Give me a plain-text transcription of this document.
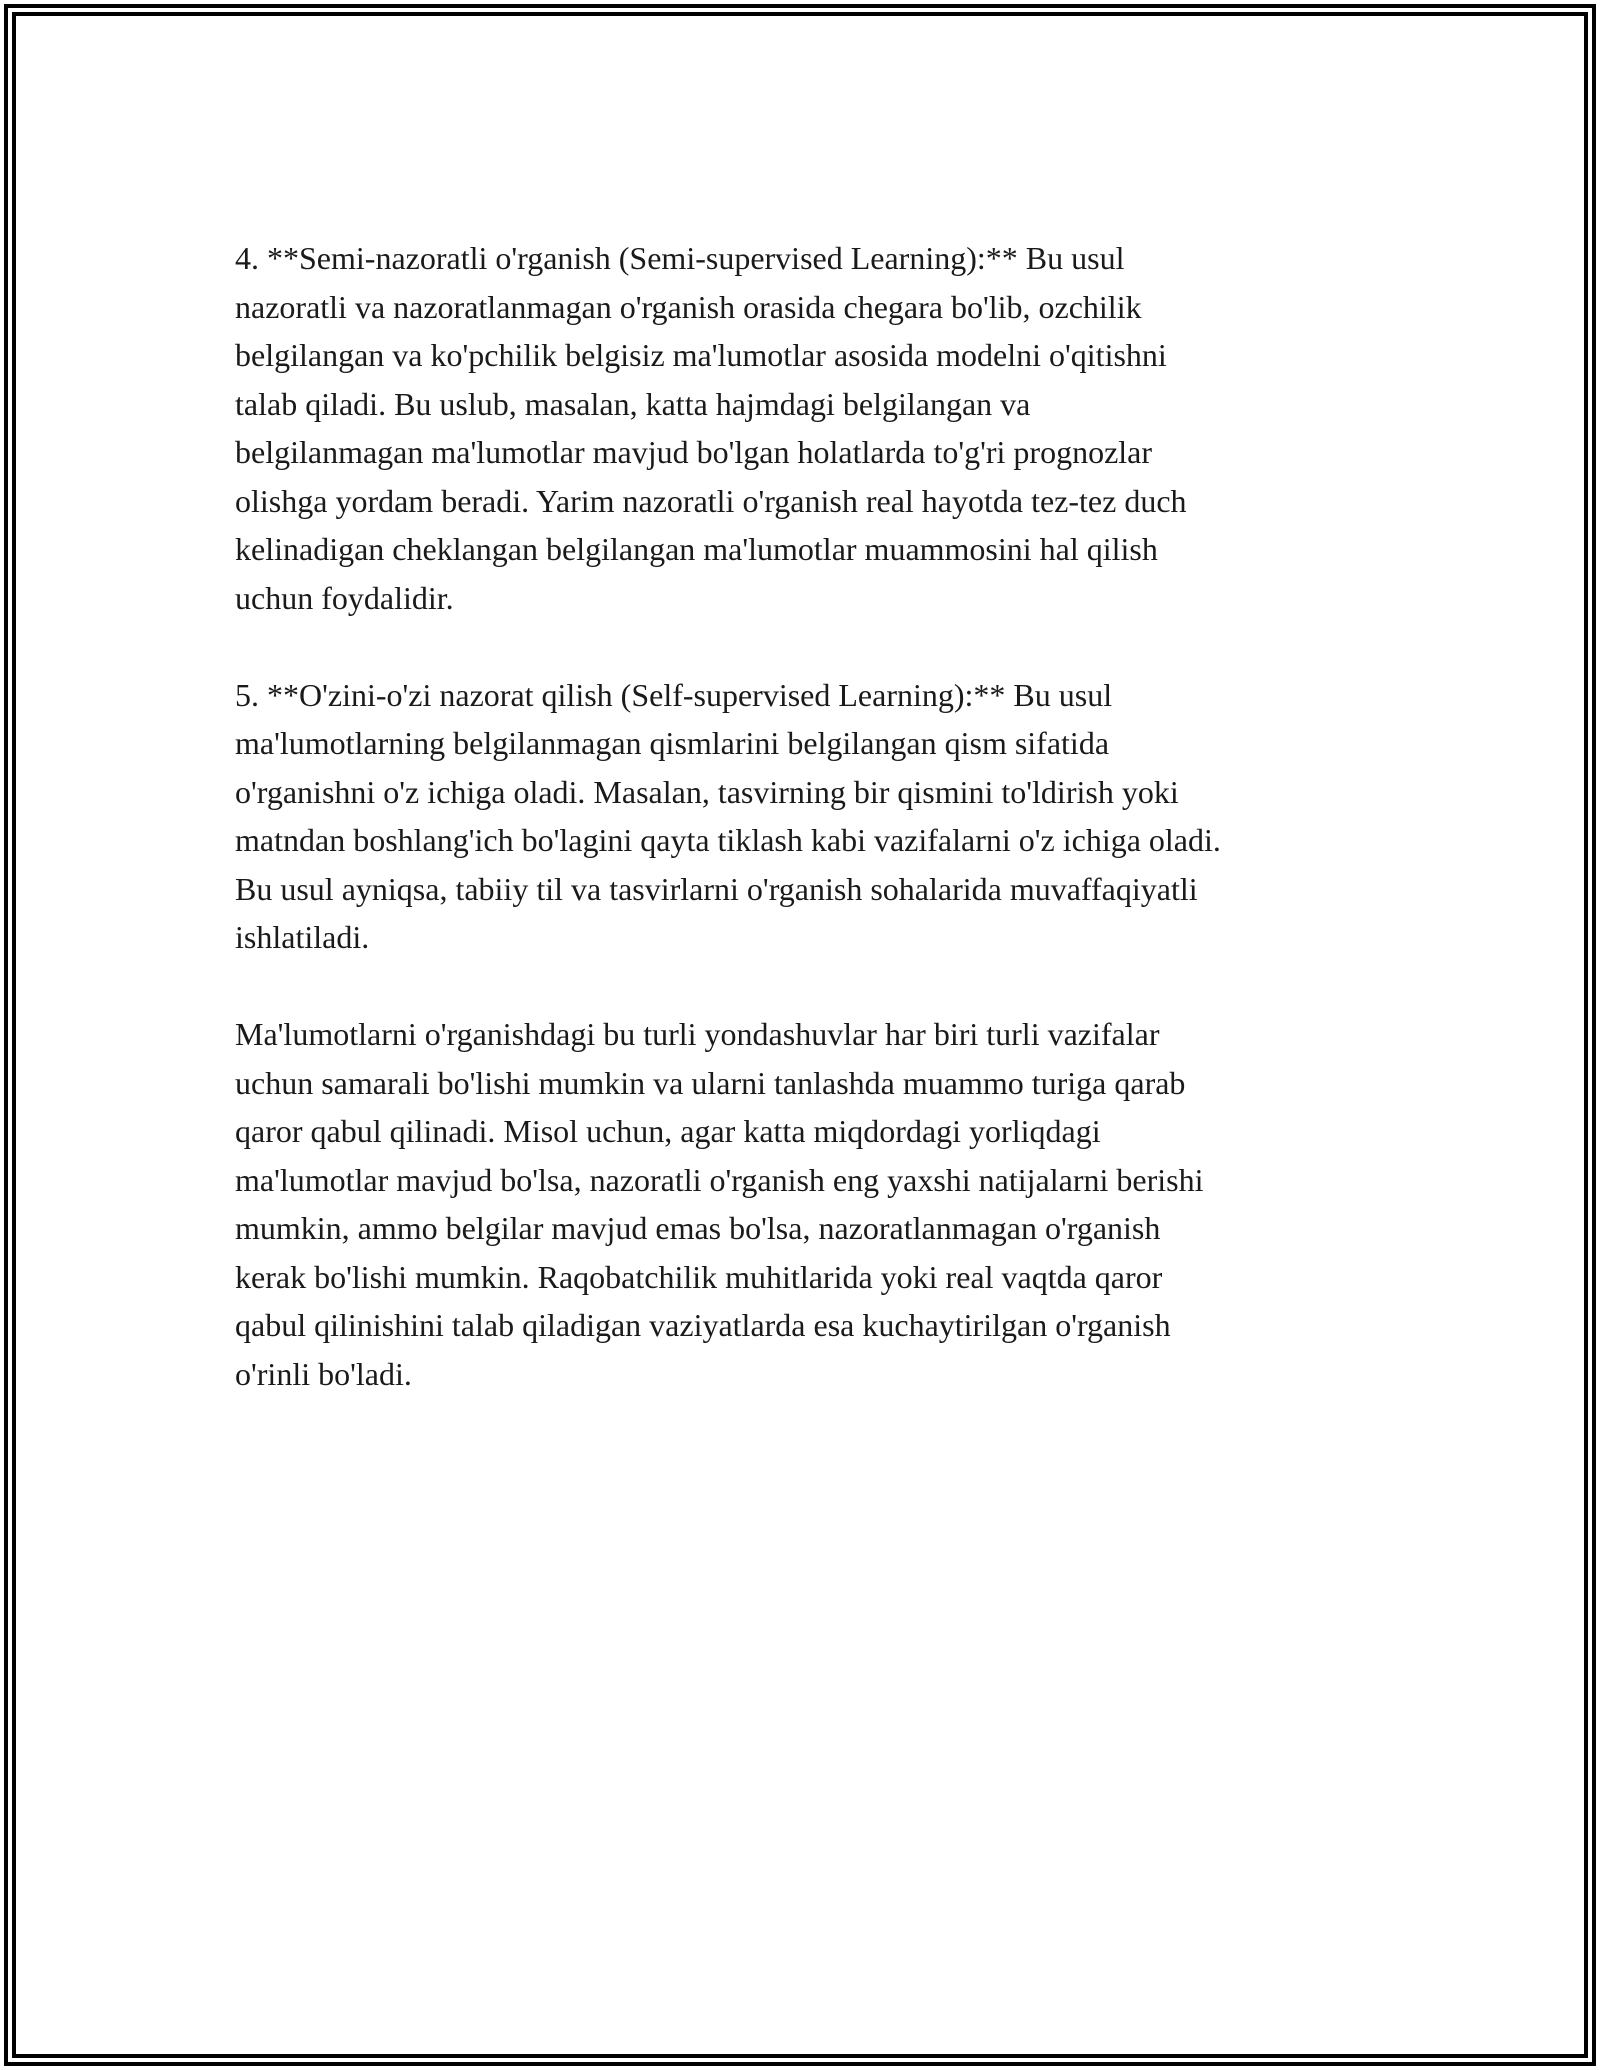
4. **Semi-nazoratli o'rganish (Semi-supervised Learning):** Bu usul
nazoratli va nazoratlanmagan o'rganish orasida chegara bo'lib, ozchilik
belgilangan va ko'pchilik belgisiz ma'lumotlar asosida modelni o'qitishni
talab qiladi. Bu uslub, masalan, katta hajmdagi belgilangan va
belgilanmagan ma'lumotlar mavjud bo'lgan holatlarda to'g'ri prognozlar
olishga yordam beradi. Yarim nazoratli o'rganish real hayotda tez-tez duch
kelinadigan cheklangan belgilangan ma'lumotlar muammosini hal qilish
uchun foydalidir.
5. **O'zini-o'zi nazorat qilish (Self-supervised Learning):** Bu usul
ma'lumotlarning belgilanmagan qismlarini belgilangan qism sifatida
o'rganishni o'z ichiga oladi. Masalan, tasvirning bir qismini to'ldirish yoki
matndan boshlang'ich bo'lagini qayta tiklash kabi vazifalarni o'z ichiga oladi.
Bu usul ayniqsa, tabiiy til va tasvirlarni o'rganish sohalarida muvaffaqiyatli
ishlatiladi.
Ma'lumotlarni o'rganishdagi bu turli yondashuvlar har biri turli vazifalar
uchun samarali bo'lishi mumkin va ularni tanlashda muammo turiga qarab
qaror qabul qilinadi. Misol uchun, agar katta miqdordagi yorliqdagi
ma'lumotlar mavjud bo'lsa, nazoratli o'rganish eng yaxshi natijalarni berishi
mumkin, ammo belgilar mavjud emas bo'lsa, nazoratlanmagan o'rganish
kerak bo'lishi mumkin. Raqobatchilik muhitlarida yoki real vaqtda qaror
qabul qilinishini talab qiladigan vaziyatlarda esa kuchaytirilgan o'rganish
o'rinli bo'ladi.
